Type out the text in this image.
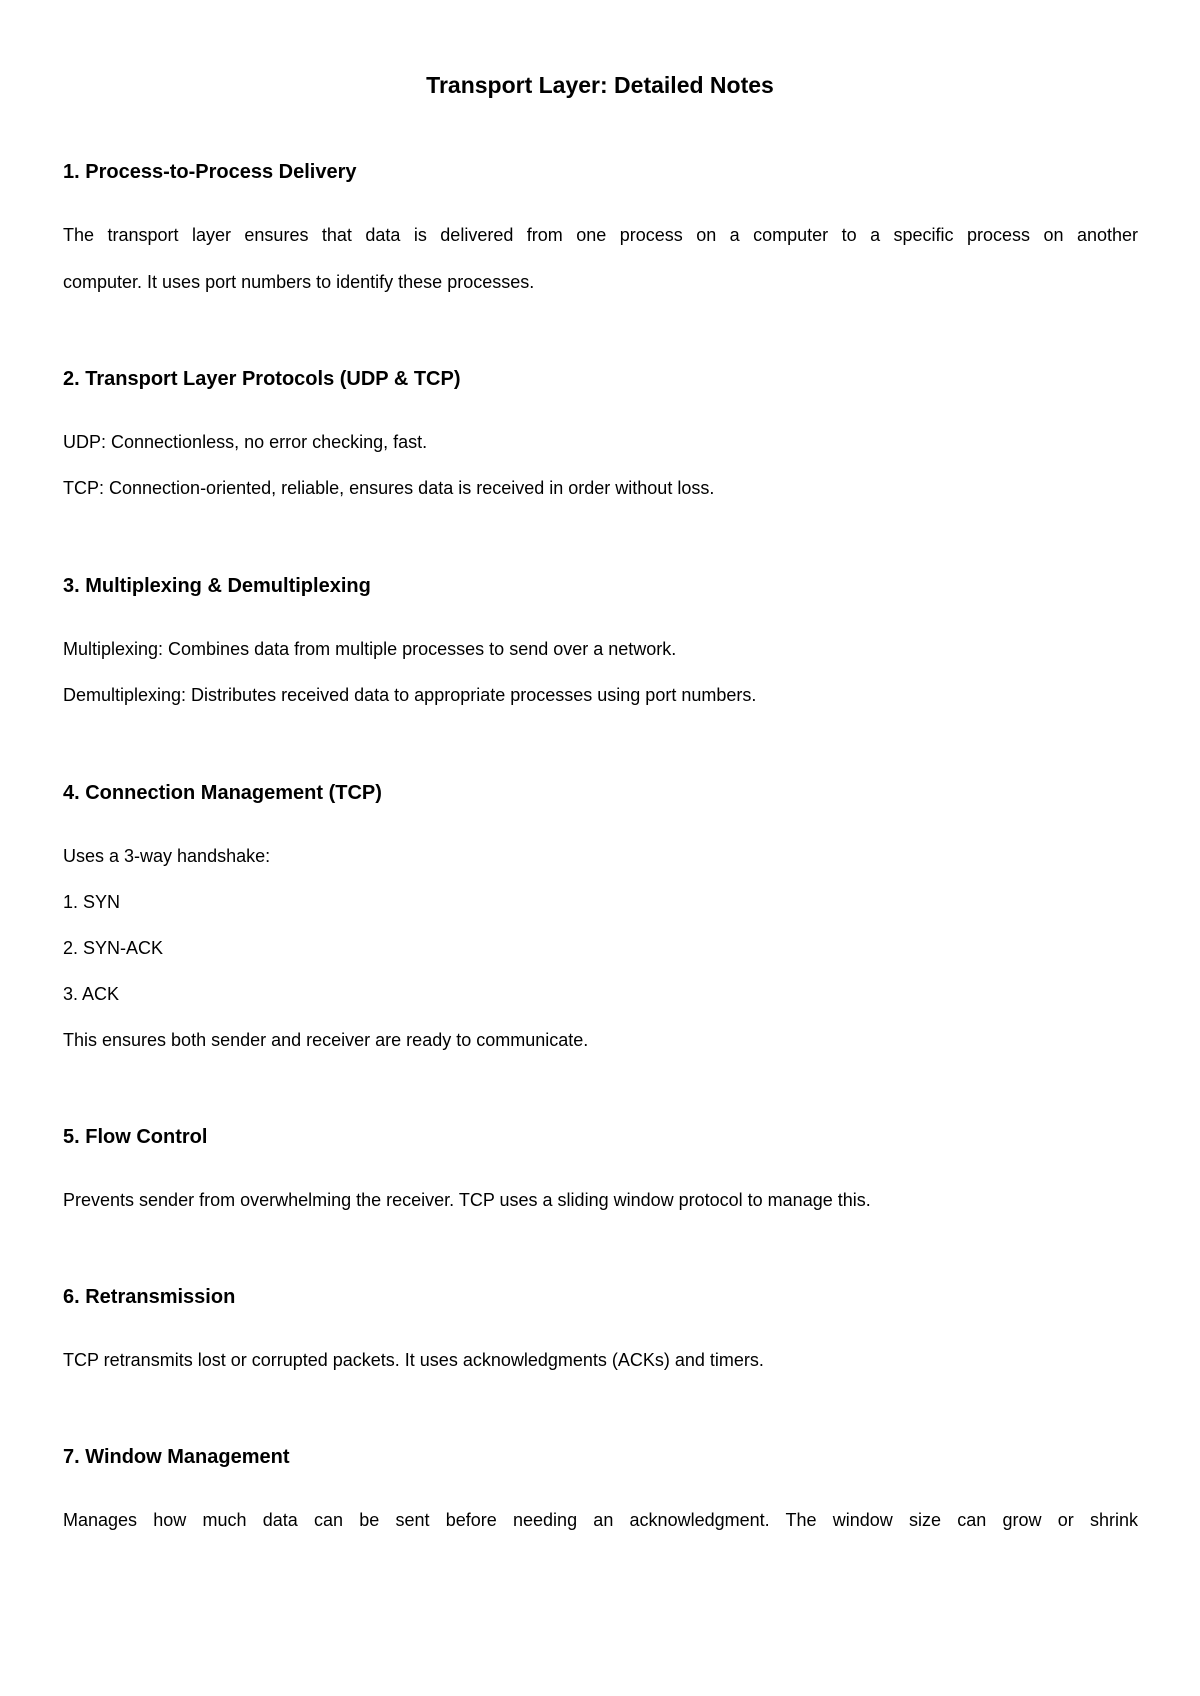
Transport Layer: Detailed Notes
1. Process-to-Process Delivery
The transport layer ensures that data is delivered from one process on a computer to a specific process on another
computer. It uses port numbers to identify these processes.
2. Transport Layer Protocols (UDP & TCP)
UDP: Connectionless, no error checking, fast.
TCP: Connection-oriented, reliable, ensures data is received in order without loss.
3. Multiplexing & Demultiplexing
Multiplexing: Combines data from multiple processes to send over a network.
Demultiplexing: Distributes received data to appropriate processes using port numbers.
4. Connection Management (TCP)
Uses a 3-way handshake:
1. SYN
2. SYN-ACK
3. ACK
This ensures both sender and receiver are ready to communicate.
5. Flow Control
Prevents sender from overwhelming the receiver. TCP uses a sliding window protocol to manage this.
6. Retransmission
TCP retransmits lost or corrupted packets. It uses acknowledgments (ACKs) and timers.
7. Window Management
Manages how much data can be sent before needing an acknowledgment. The window size can grow or shrink
